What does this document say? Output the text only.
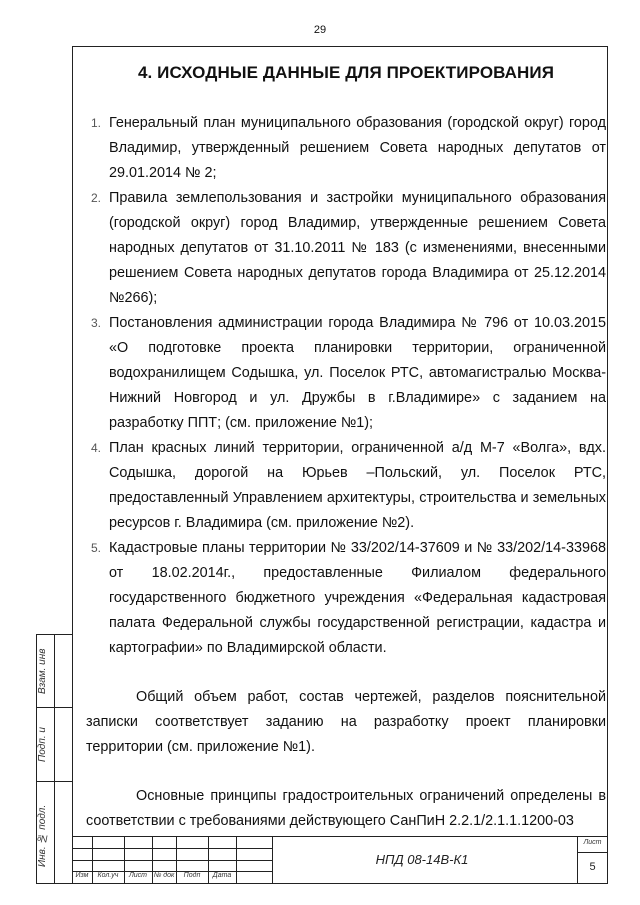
29
4. ИСХОДНЫЕ ДАННЫЕ ДЛЯ ПРОЕКТИРОВАНИЯ
1. Генеральный план муниципального образования (городской округ) город Владимир, утвержденный решением Совета народных депутатов от 29.01.2014 № 2;
2. Правила землепользования и застройки муниципального образования (городской округ) город Владимир, утвержденные решением Совета народных депутатов от 31.10.2011 № 183 (с изменениями, внесенными решением Совета народных депутатов города Владимира от 25.12.2014 №266);
3. Постановления администрации города Владимира № 796 от 10.03.2015 «О подготовке проекта планировки территории, ограниченной водохранилищем Содышка, ул. Поселок РТС, автомагистралью Москва-Нижний Новгород и ул. Дружбы в г.Владимире» с заданием на разработку ППТ; (см. приложение №1);
4. План красных линий территории, ограниченной а/д М-7 «Волга», вдх. Содышка, дорогой на Юрьев –Польский, ул. Поселок РТС, предоставленный Управлением архитектуры, строительства и земельных ресурсов г. Владимира (см. приложение №2).
5. Кадастровые планы территории № 33/202/14-37609 и № 33/202/14-33968 от 18.02.2014г., предоставленные Филиалом федерального государственного бюджетного учреждения «Федеральная кадастровая палата Федеральной службы государственной регистрации, кадастра и картографии» по Владимирской области.

Общий объем работ, состав чертежей, разделов пояснительной записки соответствует заданию на разработку проект планировки территории (см. приложение №1).

Основные принципы градостроительных ограничений определены в соответствии с требованиями действующего СанПиН 2.2.1/2.1.1.1200-03

Взам. инв
Подп. и
Инв. № подл.
Изм	Кол.уч	Лист № док	Подп	Дата
НПД 08-14В-К1
Лист
5
